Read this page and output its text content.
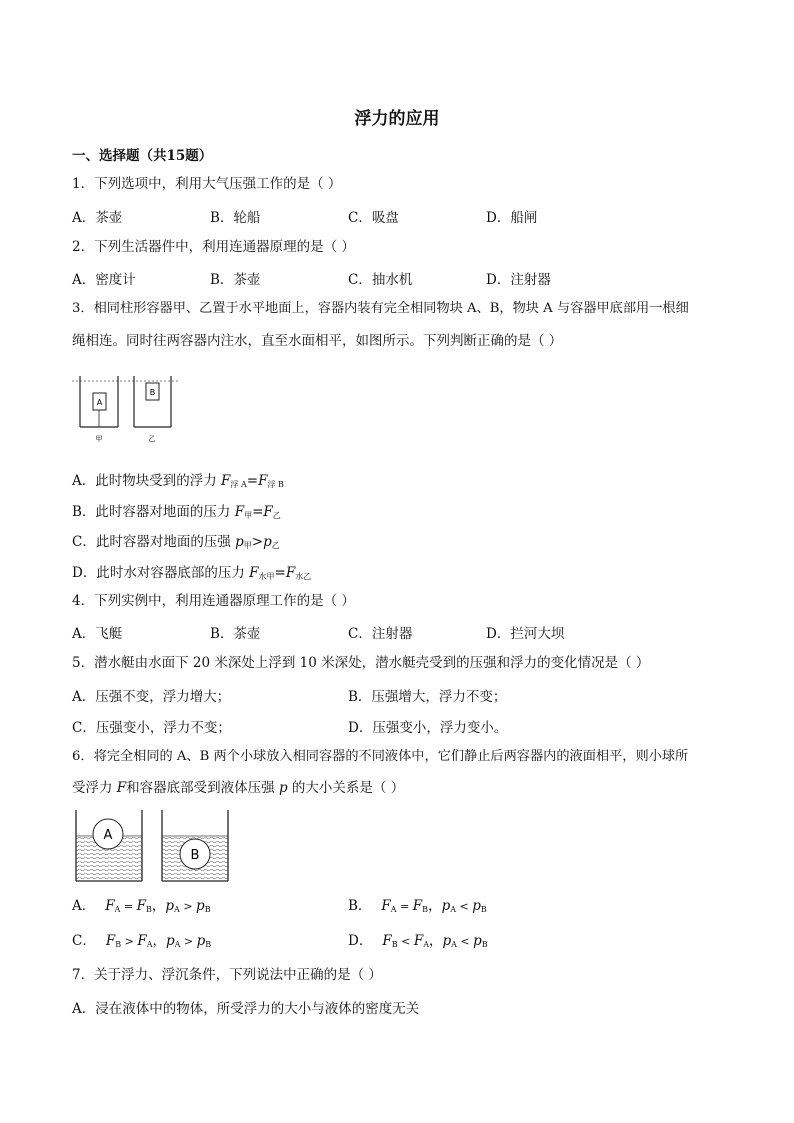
浮力的应用
一、选择题（共15题）
1．下列选项中，利用大气压强工作的是（ ）
A．茶壶	B．轮船	C．吸盘	D．船闸
2．下列生活器件中，利用连通器原理的是（ ）
A．密度计	B．茶壶	C．抽水机	D．注射器
3．相同柱形容器甲、乙置于水平地面上，容器内装有完全相同物块 A、B，物块 A 与容器甲底部用一根细
绳相连。同时往两容器内注水，直至水面相平，如图所示。下列判断正确的是（ ）
A
甲
B
乙
A．此时物块受到的浮力 $F_{浮 A}=F_{浮 B}$
B．此时容器对地面的压力 $F_甲=F_乙$
C．此时容器对地面的压强 $p_甲>p_乙$
D．此时水对容器底部的压力 $F_{水甲}=F_{水乙}$
4．下列实例中，利用连通器原理工作的是（ ）
A．飞艇	B．茶壶	C．注射器	D．拦河大坝
5．潜水艇由水面下 20 米深处上浮到 10 米深处，潜水艇壳受到的压强和浮力的变化情况是（ ）
A．压强不变，浮力增大；	B．压强增大，浮力不变；
C．压强变小，浮力不变；	D．压强变小，浮力变小。
6．将完全相同的 A、B 两个小球放入相同容器的不同液体中，它们静止后两容器内的液面相平，则小球所
受浮力 F和容器底部受到液体压强 p 的大小关系是（ ）
A
B
A． $F_A = F_B$，$p_A > p_B$	B． $F_A = F_B$，$p_A < p_B$
C． $F_B > F_A$，$p_A > p_B$	D． $F_B < F_A$，$p_A < p_B$
7．关于浮力、浮沉条件，下列说法中正确的是（ ）
A．浸在液体中的物体，所受浮力的大小与液体的密度无关
